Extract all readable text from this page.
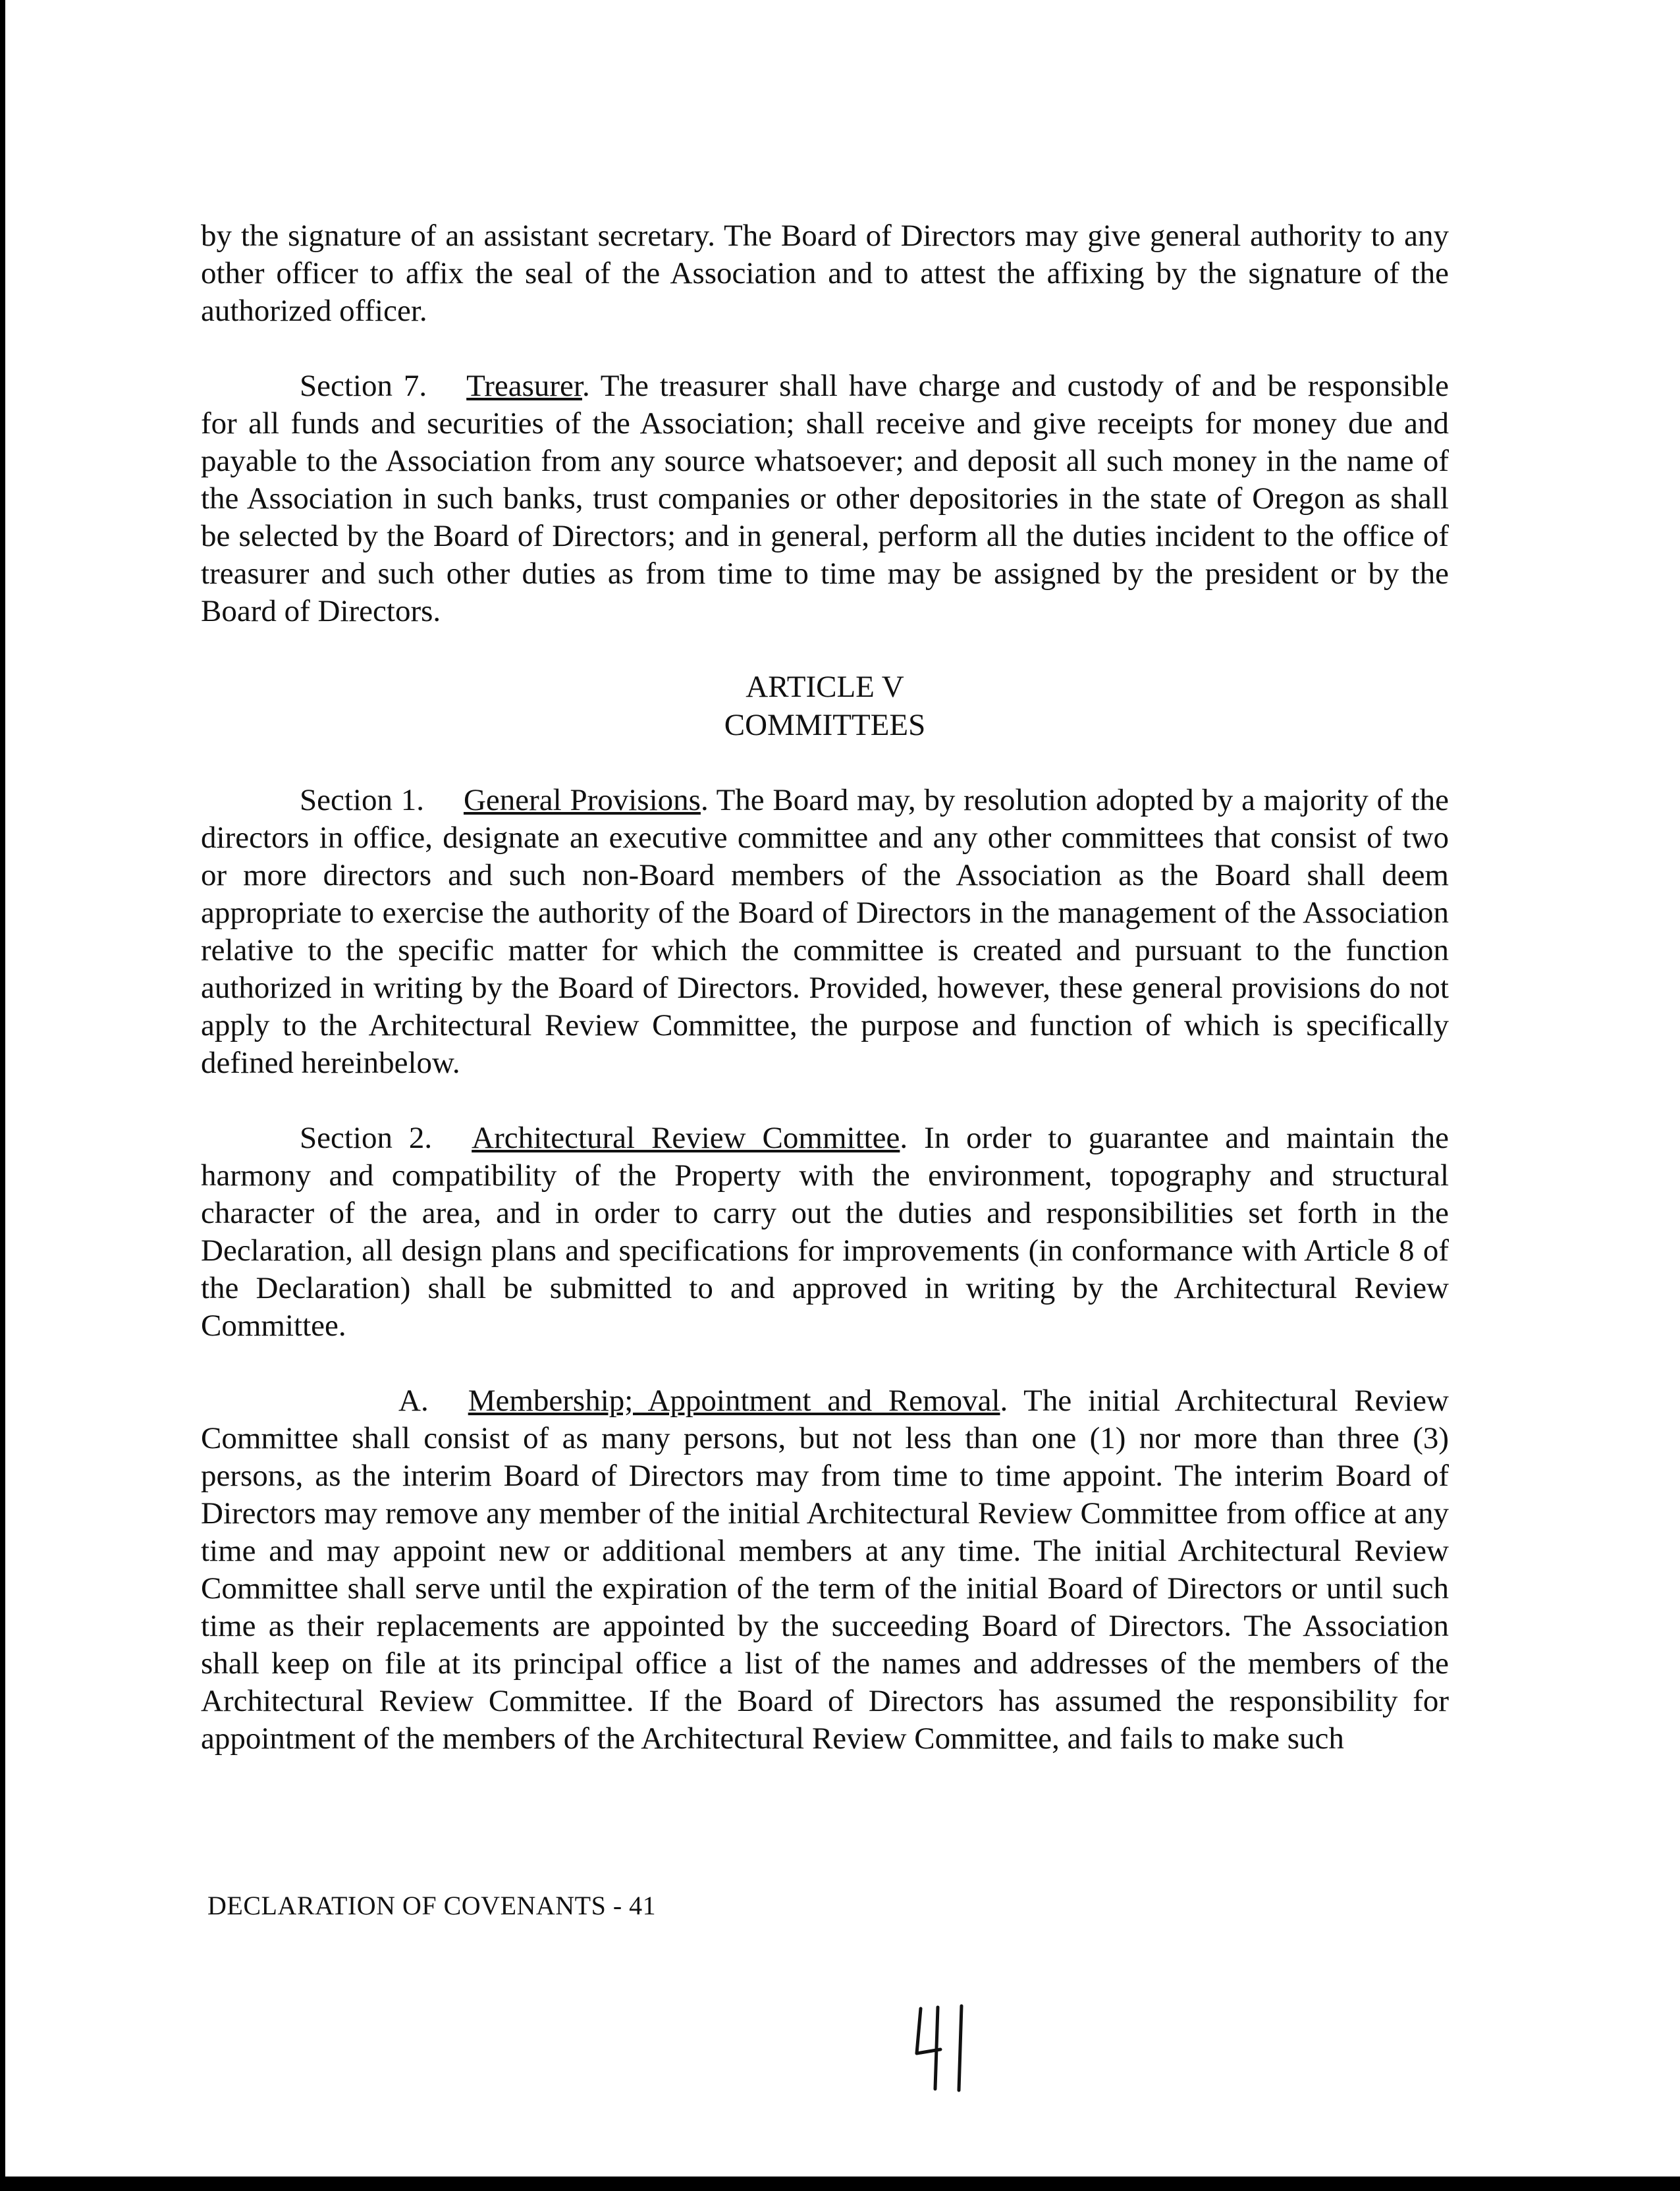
by the signature of an assistant secretary. The Board of Directors may give general authority to any other officer to affix the seal of the Association and to attest the affixing by the signature of the authorized officer.

Section 7. Treasurer. The treasurer shall have charge and custody of and be responsible for all funds and securities of the Association; shall receive and give receipts for money due and payable to the Association from any source whatsoever; and deposit all such money in the name of the Association in such banks, trust companies or other depositories in the state of Oregon as shall be selected by the Board of Directors; and in general, perform all the duties incident to the office of treasurer and such other duties as from time to time may be assigned by the president or by the Board of Directors.

ARTICLE V
COMMITTEES

Section 1. General Provisions. The Board may, by resolution adopted by a majority of the directors in office, designate an executive committee and any other committees that consist of two or more directors and such non-Board members of the Association as the Board shall deem appropriate to exercise the authority of the Board of Directors in the management of the Association relative to the specific matter for which the committee is created and pursuant to the function authorized in writing by the Board of Directors. Provided, however, these general provisions do not apply to the Architectural Review Committee, the purpose and function of which is specifically defined hereinbelow.

Section 2. Architectural Review Committee. In order to guarantee and maintain the harmony and compatibility of the Property with the environment, topography and structural character of the area, and in order to carry out the duties and responsibilities set forth in the Declaration, all design plans and specifications for improvements (in conformance with Article 8 of the Declaration) shall be submitted to and approved in writing by the Architectural Review Committee.

A. Membership; Appointment and Removal. The initial Architectural Review Committee shall consist of as many persons, but not less than one (1) nor more than three (3) persons, as the interim Board of Directors may from time to time appoint. The interim Board of Directors may remove any member of the initial Architectural Review Committee from office at any time and may appoint new or additional members at any time. The initial Architectural Review Committee shall serve until the expiration of the term of the initial Board of Directors or until such time as their replacements are appointed by the succeeding Board of Directors. The Association shall keep on file at its principal office a list of the names and addresses of the members of the Architectural Review Committee. If the Board of Directors has assumed the responsibility for appointment of the members of the Architectural Review Committee, and fails to make such

DECLARATION OF COVENANTS - 41
